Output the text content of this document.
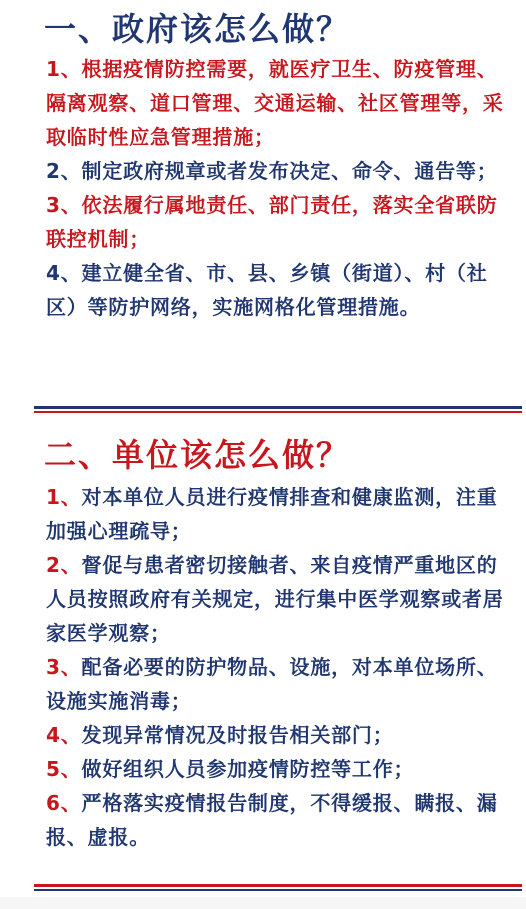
一、政府该怎么做？

1、根据疫情防控需要，就医疗卫生、防疫管理、隔离观察、道口管理、交通运输、社区管理等，采取临时性应急管理措施；

2、制定政府规章或者发布决定、命令、通告等；

3、依法履行属地责任、部门责任，落实全省联防联控机制；

4、建立健全省、市、县、乡镇（街道）、村（社区）等防护网络，实施网格化管理措施。

二、单位该怎么做？

1、对本单位人员进行疫情排查和健康监测，注重加强心理疏导；

2、督促与患者密切接触者、来自疫情严重地区的人员按照政府有关规定，进行集中医学观察或者居家医学观察；

3、配备必要的防护物品、设施，对本单位场所、设施实施消毒；

4、发现异常情况及时报告相关部门；

5、做好组织人员参加疫情防控等工作；

6、严格落实疫情报告制度，不得缓报、瞒报、漏报、虚报。
